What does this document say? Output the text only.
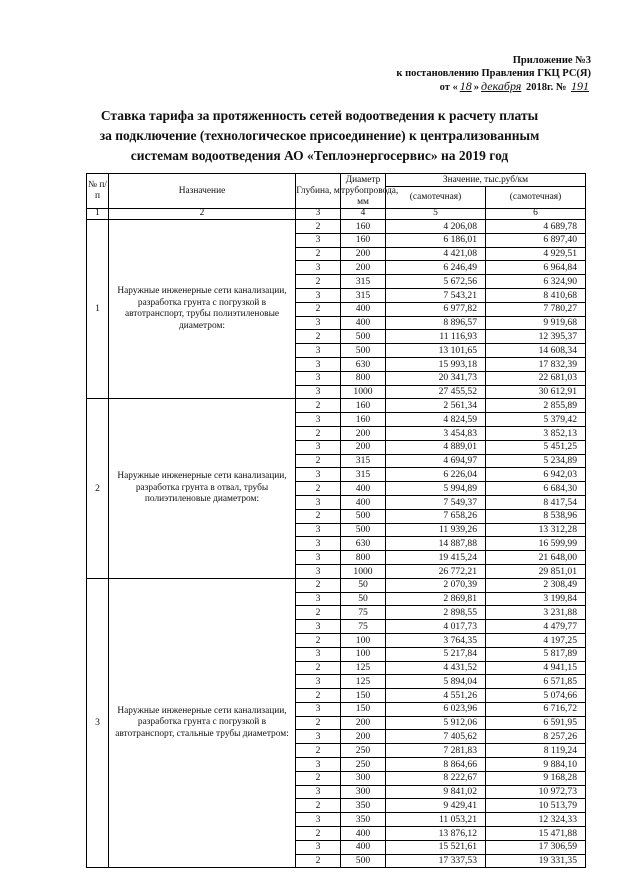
Приложение №3
к постановлению Правления ГКЦ РС(Я)
от « 18 » декабря 2018г. № 191
Ставка тарифа за протяженность сетей водоотведения к расчету платы
за подключение (технологическое присоединение) к централизованным
системам водоотведения АО «Теплоэнергосервис» на 2019 год
№ п/п	Назначение	Глубина, м	Диаметр трубопровода, мм	Значение, тыс.руб/км	
				(самотечная)	(самотечная)
1	2	3	4	5	6
1	Наружные инженерные сети канализации, разработка грунта с погрузкой в автотранспорт, трубы полиэтиленовые диаметром:	2	160	4 206,08	4 689,78
		3	160	6 186,01	6 897,40
		2	200	4 421,08	4 929,51
		3	200	6 246,49	6 964,84
		2	315	5 672,56	6 324,90
		3	315	7 543,21	8 410,68
		2	400	6 977,82	7 780,27
		3	400	8 896,57	9 919,68
		2	500	11 116,93	12 395,37
		3	500	13 101,65	14 608,34
		3	630	15 993,18	17 832,39
		3	800	20 341,73	22 681,03
		3	1000	27 455,52	30 612,91
2	Наружные инженерные сети канализации, разработка грунта в отвал, трубы полиэтиленовые диаметром:	2	160	2 561,34	2 855,89
		3	160	4 824,59	5 379,42
		2	200	3 454,83	3 852,13
		3	200	4 889,01	5 451,25
		2	315	4 694,97	5 234,89
		3	315	6 226,04	6 942,03
		2	400	5 994,89	6 684,30
		3	400	7 549,37	8 417,54
		2	500	7 658,26	8 538,96
		3	500	11 939,26	13 312,28
		3	630	14 887,88	16 599,99
		3	800	19 415,24	21 648,00
		3	1000	26 772,21	29 851,01
3	Наружные инженерные сети канализации, разработка грунта с погрузкой в автотранспорт, стальные трубы диаметром:	2	50	2 070,39	2 308,49
		3	50	2 869,81	3 199,84
		2	75	2 898,55	3 231,88
		3	75	4 017,73	4 479,77
		2	100	3 764,35	4 197,25
		3	100	5 217,84	5 817,89
		2	125	4 431,52	4 941,15
		3	125	5 894,04	6 571,85
		2	150	4 551,26	5 074,66
		3	150	6 023,96	6 716,72
		2	200	5 912,06	6 591,95
		3	200	7 405,62	8 257,26
		2	250	7 281,83	8 119,24
		3	250	8 864,66	9 884,10
		2	300	8 222,67	9 168,28
		3	300	9 841,02	10 972,73
		2	350	9 429,41	10 513,79
		3	350	11 053,21	12 324,33
		2	400	13 876,12	15 471,88
		3	400	15 521,61	17 306,59
		2	500	17 337,53	19 331,35
